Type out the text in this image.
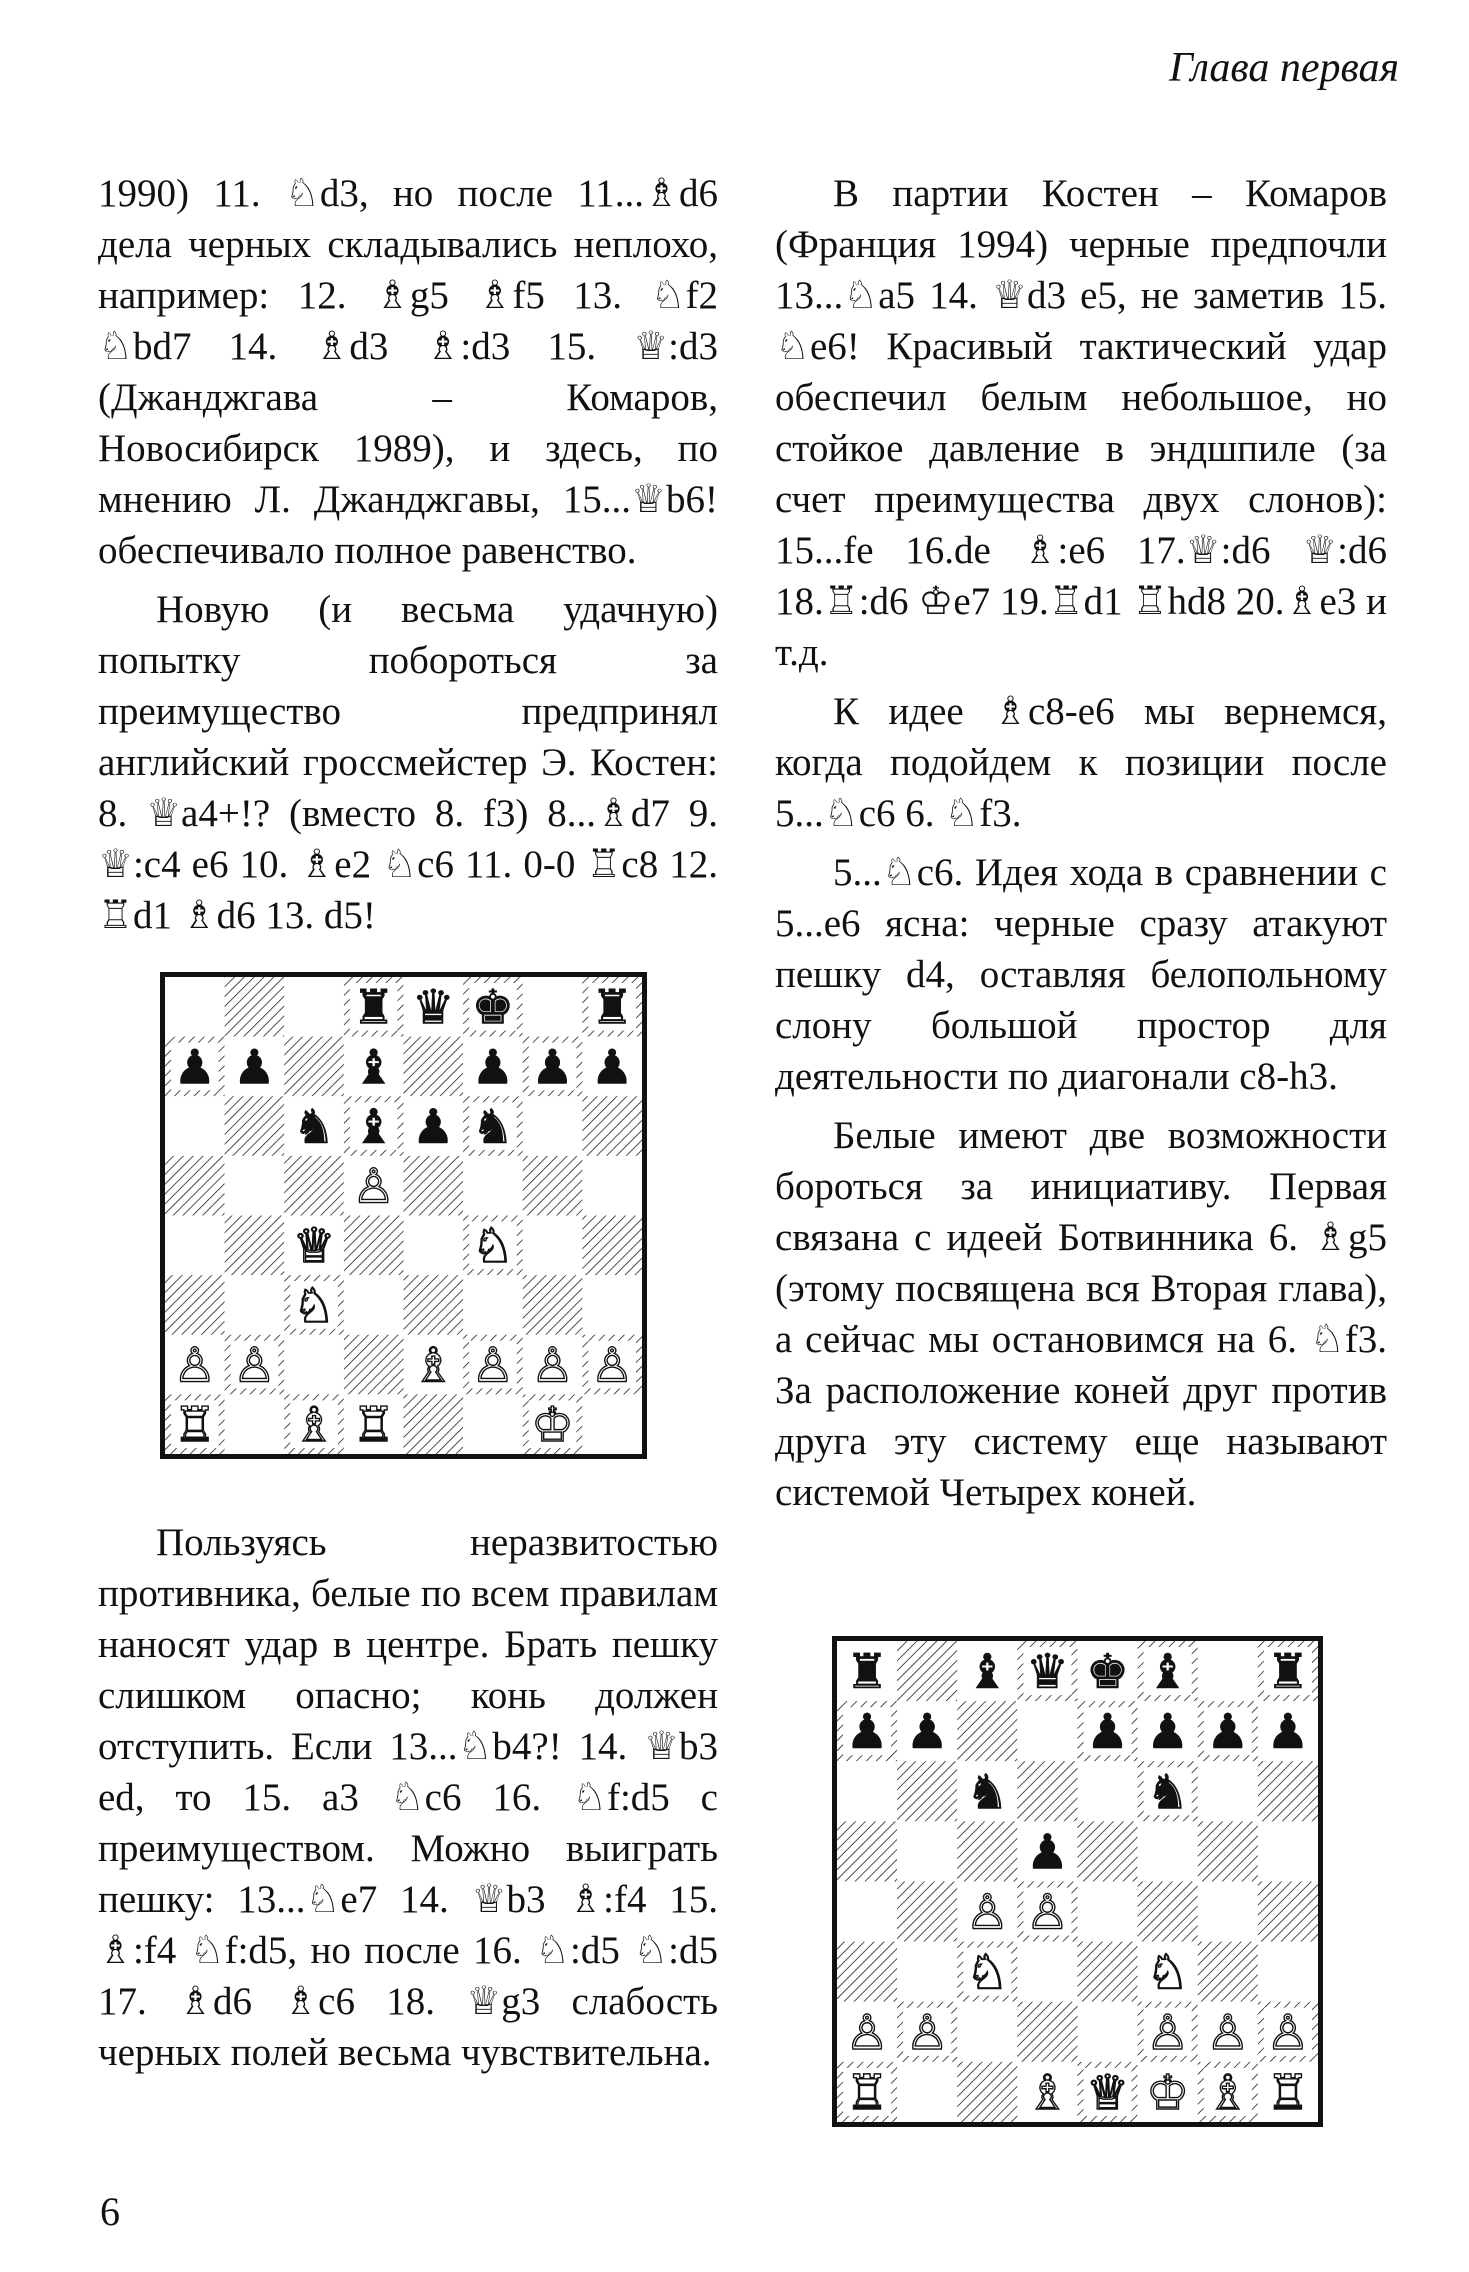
Глава первая

1990) 11. ♘d3, но после 11...♗d6 дела черных складывались неплохо, например: 12. ♗g5 ♗f5 13. ♘f2 ♘bd7 14. ♗d3 ♗:d3 15. ♕:d3 (Джанджгава – Комаров, Новосибирск 1989), и здесь, по мнению Л. Джанджгавы, 15...♕b6! обеспечивало полное равенство.

Новую (и весьма удачную) попытку побороться за преимущество предпринял английский гроссмейстер Э. Костен: 8. ♕a4+!? (вместо 8. f3) 8...♗d7 9. ♕:c4 e6 10. ♗e2 ♘c6 11. 0-0 ♖c8 12. ♖d1 ♗d6 13. d5!

♜ ♛ ♚ ♜
♟ ♟ ♝ ♟ ♟ ♟
♞ ♝ ♟ ♞
♙
♕	♘
♘
♙ ♙	♗ ♙ ♙ ♙
♖ ♗ ♖	♔

Пользуясь неразвитостью противника, белые по всем правилам наносят удар в центре. Брать пешку слишком опасно; конь должен отступить. Если 13...♘b4?! 14. ♕b3 ed, то 15. a3 ♘c6 16. ♘f:d5 с преимуществом. Можно выиграть пешку: 13...♘e7 14. ♕b3 ♗:f4 15. ♗:f4 ♘f:d5, но после 16. ♘:d5 ♘:d5 17. ♗d6 ♗c6 18. ♕g3 слабость черных полей весьма чувствительна.

В партии Костен – Комаров (Франция 1994) черные предпочли 13...♘a5 14. ♕d3 e5, не заметив 15. ♘e6! Красивый тактический удар обеспечил белым небольшое, но стойкое давление в эндшпиле (за счет преимущества двух слонов): 15...fe 16.de ♗:e6 17.♕:d6 ♕:d6 18.♖:d6 ♔e7 19.♖d1 ♖hd8 20.♗e3 и т.д.

К идее ♗c8-e6 мы вернемся, когда подойдем к позиции после 5...♘c6 6. ♘f3.

5...♘c6. Идея хода в сравнении с 5...e6 ясна: черные сразу атакуют пешку d4, оставляя белопольному слону большой простор для деятельности по диагонали c8-h3.

Белые имеют две возможности бороться за инициативу. Первая связана с идеей Ботвинника 6. ♗g5 (этому посвящена вся Вторая глава), а сейчас мы остановимся на 6. ♘f3. За расположение коней друг против друга эту систему еще называют системой Четырех коней.

♜ ♝ ♛ ♚ ♝ ♜
♟ ♟	♟ ♟ ♟ ♟
♞	♞
♟
♙ ♙
♘	♘
♙ ♙	♙ ♙ ♙
♖	♗ ♕ ♔ ♗ ♖
6
